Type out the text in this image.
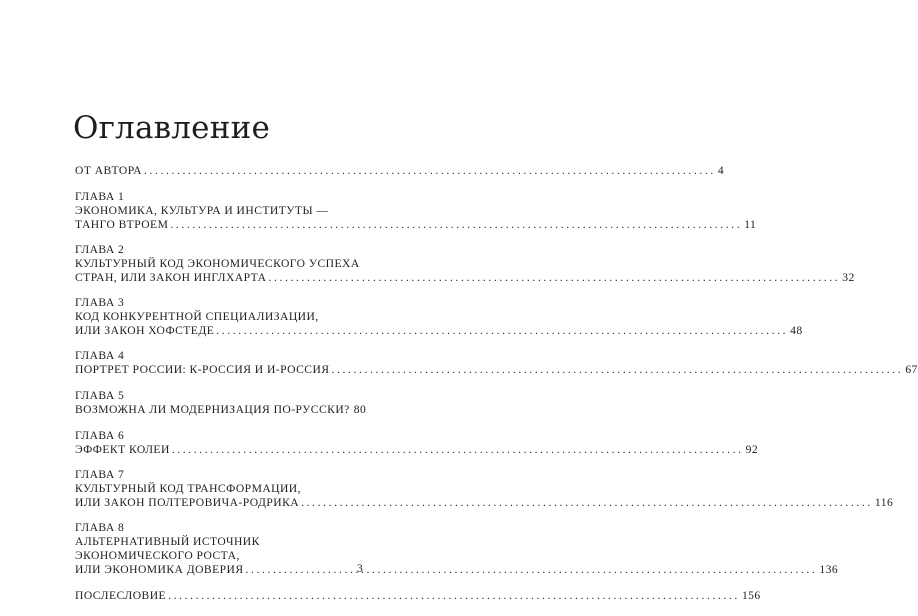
Оглавление
ОТ АВТОРА .....	4
ГЛАВА 1
ЭКОНОМИКА, КУЛЬТУРА И ИНСТИТУТЫ —
ТАНГО ВТРОЕМ .....	11
ГЛАВА 2
КУЛЬТУРНЫЙ КОД ЭКОНОМИЧЕСКОГО УСПЕХА
СТРАН, ИЛИ ЗАКОН ИНГЛХАРТА .....	32
ГЛАВА 3
КОД КОНКУРЕНТНОЙ СПЕЦИАЛИЗАЦИИ,
ИЛИ ЗАКОН ХОФСТЕДЕ .....	48
ГЛАВА 4
ПОРТРЕТ РОССИИ: К-РОССИЯ И И-РОССИЯ .....	67
ГЛАВА 5
ВОЗМОЖНА ЛИ МОДЕРНИЗАЦИЯ ПО-РУССКИ? 80
ГЛАВА 6
ЭФФЕКТ КОЛЕИ .....	92
ГЛАВА 7
КУЛЬТУРНЫЙ КОД ТРАНСФОРМАЦИИ,
ИЛИ ЗАКОН ПОЛТЕРОВИЧА-РОДРИКА .....	116
ГЛАВА 8
АЛЬТЕРНАТИВНЫЙ ИСТОЧНИК
ЭКОНОМИЧЕСКОГО РОСТА,
ИЛИ ЭКОНОМИКА ДОВЕРИЯ .....	136
ПОСЛЕСЛОВИЕ .....	156
3
